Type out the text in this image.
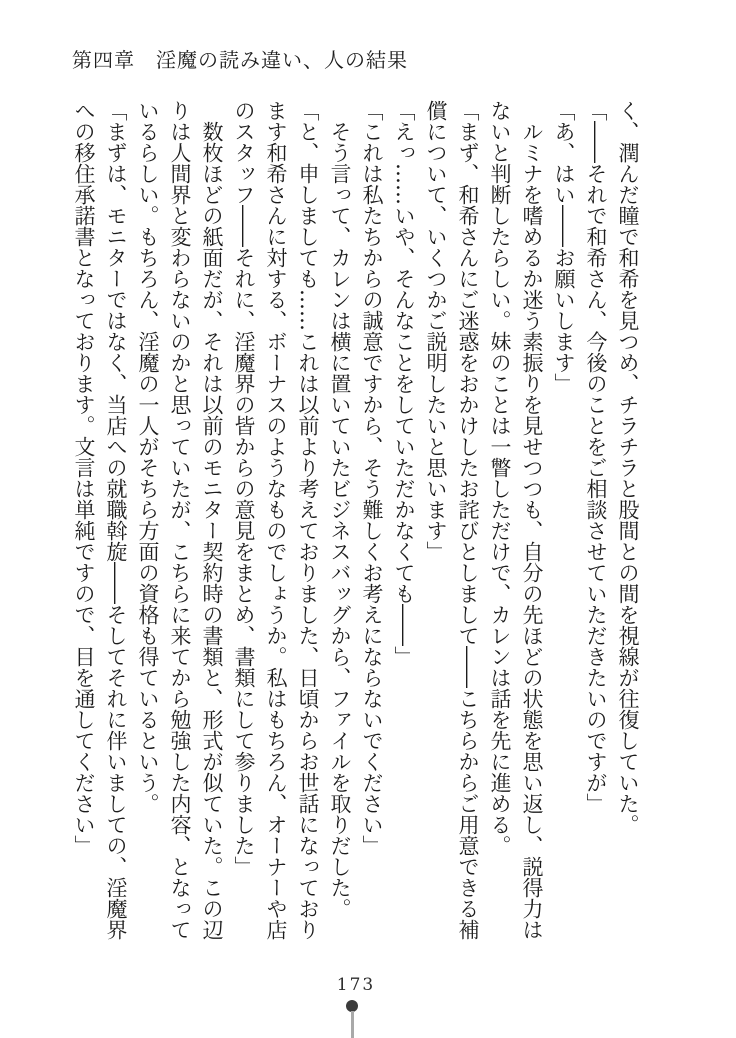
第四章　淫魔の読み違い、人の結果

く、潤んだ瞳で和希を見つめ、チラチラと股間との間を視線が往復していた。

「――それで和希さん、今後のことをご相談させていただきたいのですが」

「あ、はい――お願いします」

ルミナを嗜めるか迷う素振りを見せつつも、自分の先ほどの状態を思い返し、説得力はないと判断したらしい。妹のことは一瞥しただけで、カレンは話を先に進める。

「まず、和希さんにご迷惑をおかけしたお詫びとしまして――こちらからご用意できる補償について、いくつかご説明したいと思います」

「えっ……いや、そんなことをしていただかなくても――」

「これは私たちからの誠意ですから、そう難しくお考えにならないでください」

そう言って、カレンは横に置いていたビジネスバッグから、ファイルを取りだした。

「と、申しましても……これは以前より考えておりました、日頃からお世話になっております和希さんに対する、ボーナスのようなものでしょうか。私はもちろん、オーナーや店のスタッフ――それに、淫魔界の皆からの意見をまとめ、書類にして参りました」

数枚ほどの紙面だが、それは以前のモニター契約時の書類と、形式が似ていた。この辺りは人間界と変わらないのかと思っていたが、こちらに来てから勉強した内容、となっているらしい。もちろん、淫魔の一人がそちら方面の資格も得ているという。

「まずは、モニターではなく、当店への就職斡旋――そしてそれに伴いましての、淫魔界への移住承諾書となっております。文言は単純ですので、目を通してください」

173
